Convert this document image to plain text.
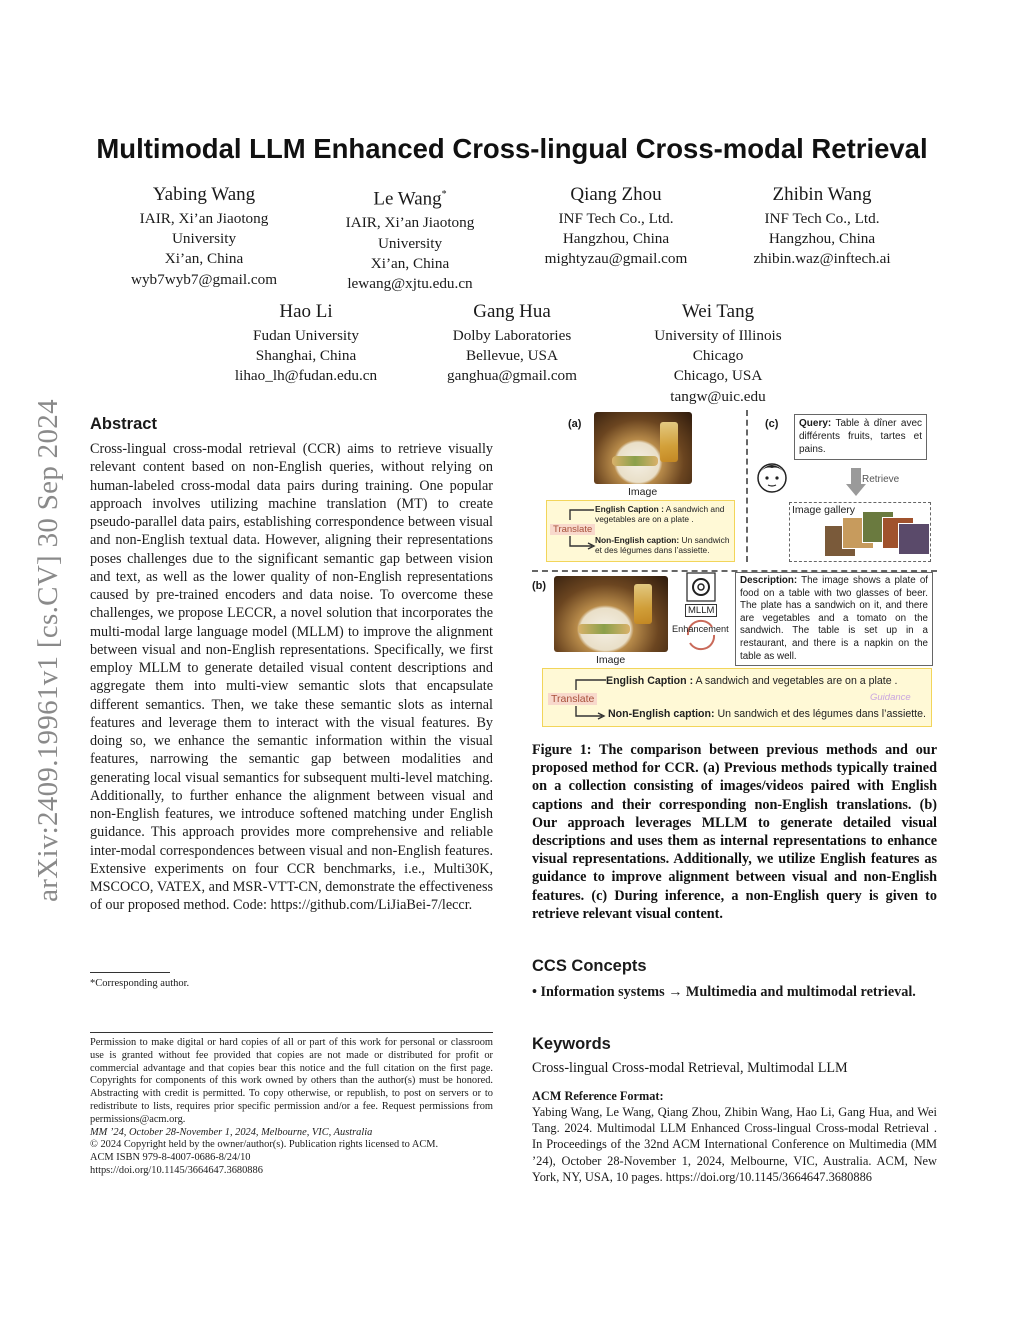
arXiv:2409.19961v1 [cs.CV] 30 Sep 2024
Multimodal LLM Enhanced Cross-lingual Cross-modal Retrieval
Yabing Wang
IAIR, Xi’an Jiaotong
University
Xi’an, China
wyb7wyb7@gmail.com
Le Wang*
IAIR, Xi’an Jiaotong
University
Xi’an, China
lewang@xjtu.edu.cn
Qiang Zhou
INF Tech Co., Ltd.
Hangzhou, China
mightyzau@gmail.com
Zhibin Wang
INF Tech Co., Ltd.
Hangzhou, China
zhibin.waz@inftech.ai
Hao Li
Fudan University
Shanghai, China
lihao_lh@fudan.edu.cn
Gang Hua
Dolby Laboratories
Bellevue, USA
ganghua@gmail.com
Wei Tang
University of Illinois
Chicago
Chicago, USA
tangw@uic.edu
Abstract
Cross-lingual cross-modal retrieval (CCR) aims to retrieve visually relevant content based on non-English queries, without relying on human-labeled cross-modal data pairs during training. One popular approach involves utilizing machine translation (MT) to create pseudo-parallel data pairs, establishing correspondence between visual and non-English textual data. However, aligning their representations poses challenges due to the significant semantic gap between vision and text, as well as the lower quality of non-English representations caused by pre-trained encoders and data noise. To overcome these challenges, we propose LECCR, a novel solution that incorporates the multi-modal large language model (MLLM) to improve the alignment between visual and non-English representations. Specifically, we first employ MLLM to generate detailed visual content descriptions and aggregate them into multi-view semantic slots that encapsulate different semantics. Then, we take these semantic slots as internal features and leverage them to interact with the visual features. By doing so, we enhance the semantic information within the visual features, narrowing the semantic gap between modalities and generating local visual semantics for subsequent multi-level matching. Additionally, to further enhance the alignment between visual and non-English features, we introduce softened matching under English guidance. This approach provides more comprehensive and reliable inter-modal correspondences between visual and non-English features. Extensive experiments on four CCR benchmarks, i.e., Multi30K, MSCOCO, VATEX, and MSR-VTT-CN, demonstrate the effectiveness of our proposed method. Code: https://github.com/LiJiaBei-7/leccr.
*Corresponding author.
Permission to make digital or hard copies of all or part of this work for personal or classroom use is granted without fee provided that copies are not made or distributed for profit or commercial advantage and that copies bear this notice and the full citation on the first page. Copyrights for components of this work owned by others than the author(s) must be honored. Abstracting with credit is permitted. To copy otherwise, or republish, to post on servers or to redistribute to lists, requires prior specific permission and/or a fee. Request permissions from permissions@acm.org.
MM ’24, October 28-November 1, 2024, Melbourne, VIC, Australia
© 2024 Copyright held by the owner/author(s). Publication rights licensed to ACM.
ACM ISBN 979-8-4007-0686-8/24/10
https://doi.org/10.1145/3664647.3680886
(a)
Image
Translate
English Caption : A sandwich and vegetables are on a plate .
Non-English caption: Un sandwich et des légumes dans l’assiette.
(c)	Query: Table à dîner avec différents fruits, tartes et pains.
Retrieve
Image gallery
(b)
Image
MLLM
Enhancement
Description: The image shows a plate of food on a table with two glasses of beer. The plate has a sandwich on it, and there are vegetables and a tomato on the sandwich. The table is set up in a restaurant, and there is a napkin on the table as well.
Translate
English Caption : A sandwich and vegetables are on a plate .
Guidance
Non-English caption: Un sandwich et des légumes dans l’assiette.
Figure 1: The comparison between previous methods and our proposed method for CCR. (a) Previous methods typically trained on a collection consisting of images/videos paired with English captions and their corresponding non-English translations. (b) Our approach leverages MLLM to generate detailed visual descriptions and uses them as internal representations to enhance visual representations. Additionally, we utilize English features as guidance to improve alignment between visual and non-English features. (c) During inference, a non-English query is given to retrieve relevant visual content.
CCS Concepts
• Information systems → Multimedia and multimodal retrieval.
Keywords
Cross-lingual Cross-modal Retrieval, Multimodal LLM
ACM Reference Format:
Yabing Wang, Le Wang, Qiang Zhou, Zhibin Wang, Hao Li, Gang Hua, and Wei Tang. 2024. Multimodal LLM Enhanced Cross-lingual Cross-modal Retrieval . In Proceedings of the 32nd ACM International Conference on Multimedia (MM ’24), October 28-November 1, 2024, Melbourne, VIC, Australia. ACM, New York, NY, USA, 10 pages. https://doi.org/10.1145/3664647.3680886
